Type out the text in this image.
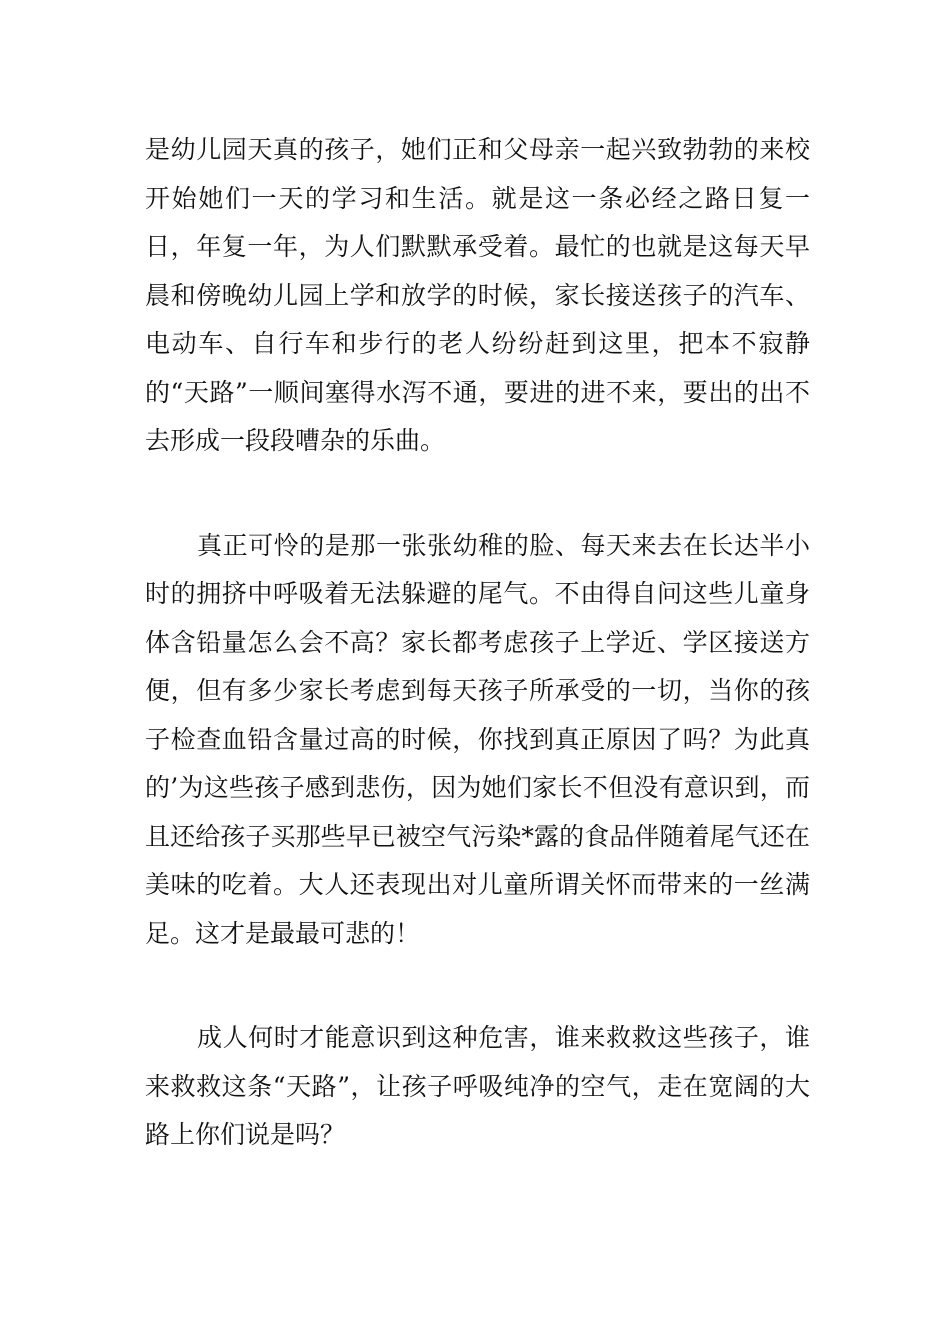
是幼儿园天真的孩子，她们正和父母亲一起兴致勃勃的来校开始她们一天的学习和生活。就是这一条必经之路日复一日，年复一年，为人们默默承受着。最忙的也就是这每天早晨和傍晚幼儿园上学和放学的时候，家长接送孩子的汽车、电动车、自行车和步行的老人纷纷赶到这里，把本不寂静的“天路”一顺间塞得水泻不通，要进的进不来，要出的出不去形成一段段嘈杂的乐曲。

真正可怜的是那一张张幼稚的脸、每天来去在长达半小时的拥挤中呼吸着无法躲避的尾气。不由得自问这些儿童身体含铅量怎么会不高？家长都考虑孩子上学近、学区接送方便，但有多少家长考虑到每天孩子所承受的一切，当你的孩子检查血铅含量过高的时候，你找到真正原因了吗？为此真的’为这些孩子感到悲伤，因为她们家长不但没有意识到，而且还给孩子买那些早已被空气污染*露的食品伴随着尾气还在美味的吃着。大人还表现出对儿童所谓关怀而带来的一丝满足。这才是最最可悲的！

成人何时才能意识到这种危害，谁来救救这些孩子，谁来救救这条“天路”，让孩子呼吸纯净的空气，走在宽阔的大路上你们说是吗？
